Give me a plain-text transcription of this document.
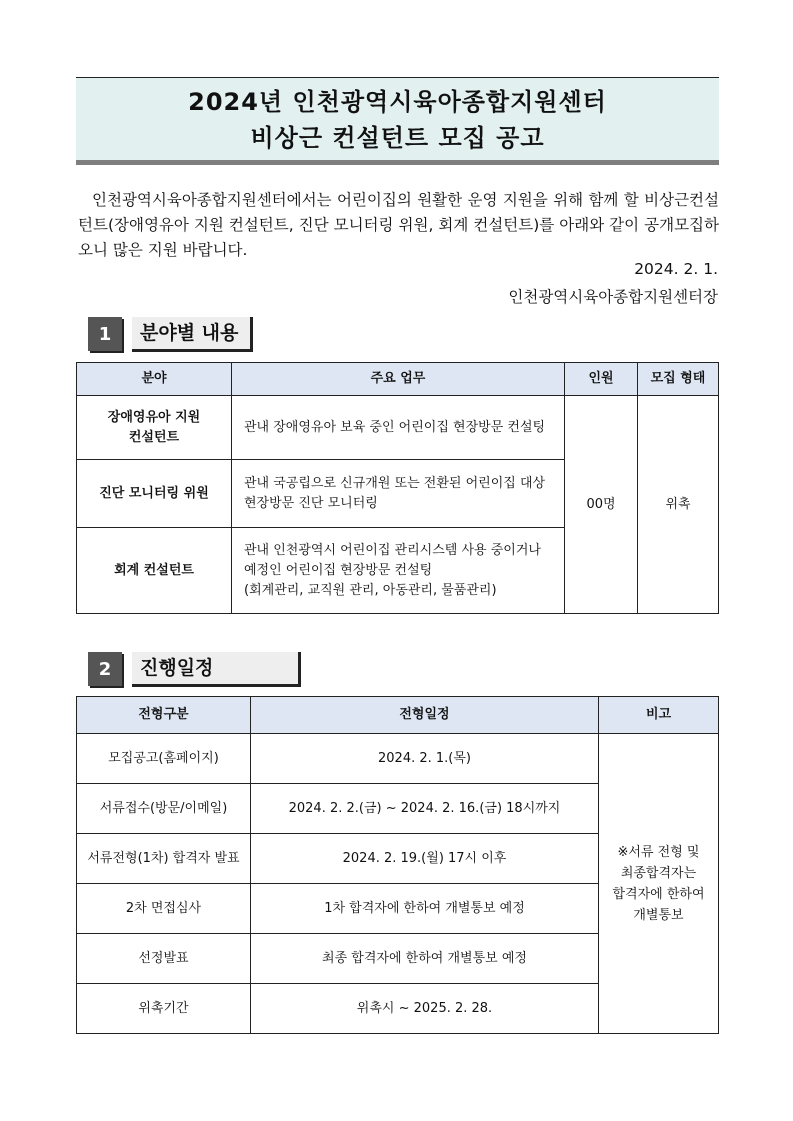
2024년 인천광역시육아종합지원센터
비상근 컨설턴트 모집 공고

인천광역시육아종합지원센터에서는 어린이집의 원활한 운영 지원을 위해 함께 할 비상근컨설턴트(장애영유아 지원 컨설턴트, 진단 모니터링 위원, 회계 컨설턴트)를 아래와 같이 공개모집하오니 많은 지원 바랍니다.

2024. 2. 1.
인천광역시육아종합지원센터장
1	분야별 내용
분야	주요 업무	인원	모집 형태
장애영유아 지원
컨설턴트	관내 장애영유아 보육 중인 어린이집 현장방문 컨설팅	00명	위촉
진단 모니터링 위원	관내 국공립으로 신규개원 또는 전환된 어린이집 대상
현장방문 진단 모니터링		
회계 컨설턴트	관내 인천광역시 어린이집 관리시스템 사용 중이거나
예정인 어린이집 현장방문 컨설팅
(회계관리, 교직원 관리, 아동관리, 물품관리)		
2	진행일정
전형구분	전형일정	비고
모집공고(홈페이지)	2024. 2. 1.(목)	※서류 전형 및
최종합격자는
합격자에 한하여
개별통보
서류접수(방문/이메일)	2024. 2. 2.(금) ~ 2024. 2. 16.(금) 18시까지	
서류전형(1차) 합격자 발표	2024. 2. 19.(월) 17시 이후	
2차 면접심사	1차 합격자에 한하여 개별통보 예정	
선정발표	최종 합격자에 한하여 개별통보 예정	
위촉기간	위촉시 ~ 2025. 2. 28.	
